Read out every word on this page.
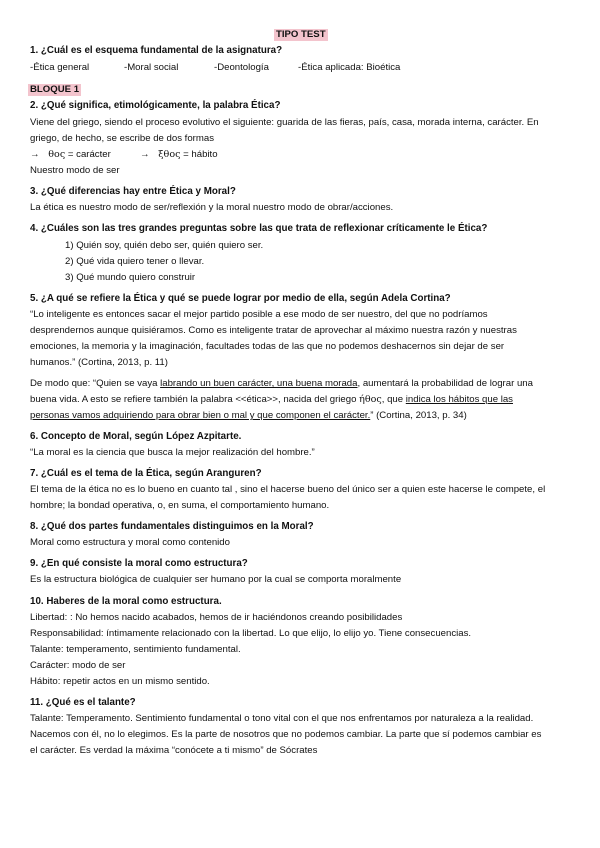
TIPO TEST
1. ¿Cuál es el esquema fundamental de la asignatura?
-Ética general	-Moral social	-Deontología	-Ética aplicada: Bioética
BLOQUE 1
2. ¿Qué significa, etimológicamente, la palabra Ética?
Viene del griego, siendo el proceso evolutivo el siguiente: guarida de las fieras, país, casa, morada interna, carácter. En
griego, de hecho, se escribe de dos formas
→ θος = carácter	→ ξθος = hábito
Nuestro modo de ser
3. ¿Qué diferencias hay entre Ética y Moral?
La ética es nuestro modo de ser/reflexión y la moral nuestro modo de obrar/acciones.
4. ¿Cuáles son las tres grandes preguntas sobre las que trata de reflexionar críticamente le Ética?
1) Quién soy, quién debo ser, quién quiero ser.
2) Qué vida quiero tener o llevar.
3) Qué mundo quiero construir
5. ¿A qué se refiere la Ética y qué se puede lograr por medio de ella, según Adela Cortina?
“Lo inteligente es entonces sacar el mejor partido posible a ese modo de ser nuestro, del que no podríamos
desprendernos aunque quisiéramos. Como es inteligente tratar de aprovechar al máximo nuestra razón y nuestras
emociones, la memoria y la imaginación, facultades todas de las que no podemos deshacernos sin dejar de ser
humanos.” (Cortina, 2013, p. 11)
De modo que: “Quien se vaya labrando un buen carácter, una buena morada, aumentará la probabilidad de lograr una
buena vida. A esto se refiere también la palabra <<ética>>, nacida del griego ήθος, que indica los hábitos que las
personas vamos adquiriendo para obrar bien o mal y que componen el carácter.” (Cortina, 2013, p. 34)
6. Concepto de Moral, según López Azpitarte.
“La moral es la ciencia que busca la mejor realización del hombre.”
7. ¿Cuál es el tema de la Ética, según Aranguren?
El tema de la ética no es lo bueno en cuanto tal , sino el hacerse bueno del único ser a quien este hacerse le compete, el
hombre; la bondad operativa, o, en suma, el comportamiento humano.
8. ¿Qué dos partes fundamentales distinguimos en la Moral?
Moral como estructura y moral como contenido
9. ¿En qué consiste la moral como estructura?
Es la estructura biológica de cualquier ser humano por la cual se comporta moralmente
10. Haberes de la moral como estructura.
Libertad: : No hemos nacido acabados, hemos de ir haciéndonos creando posibilidades
Responsabilidad: íntimamente relacionado con la libertad. Lo que elijo, lo elijo yo. Tiene consecuencias.
Talante: temperamento, sentimiento fundamental.
Carácter: modo de ser
Hábito: repetir actos en un mismo sentido.
11. ¿Qué es el talante?
Talante: Temperamento. Sentimiento fundamental o tono vital con el que nos enfrentamos por naturaleza a la realidad.
Nacemos con él, no lo elegimos. Es la parte de nosotros que no podemos cambiar. La parte que sí podemos cambiar es
el carácter. Es verdad la máxima “conócete a ti mismo” de Sócrates
